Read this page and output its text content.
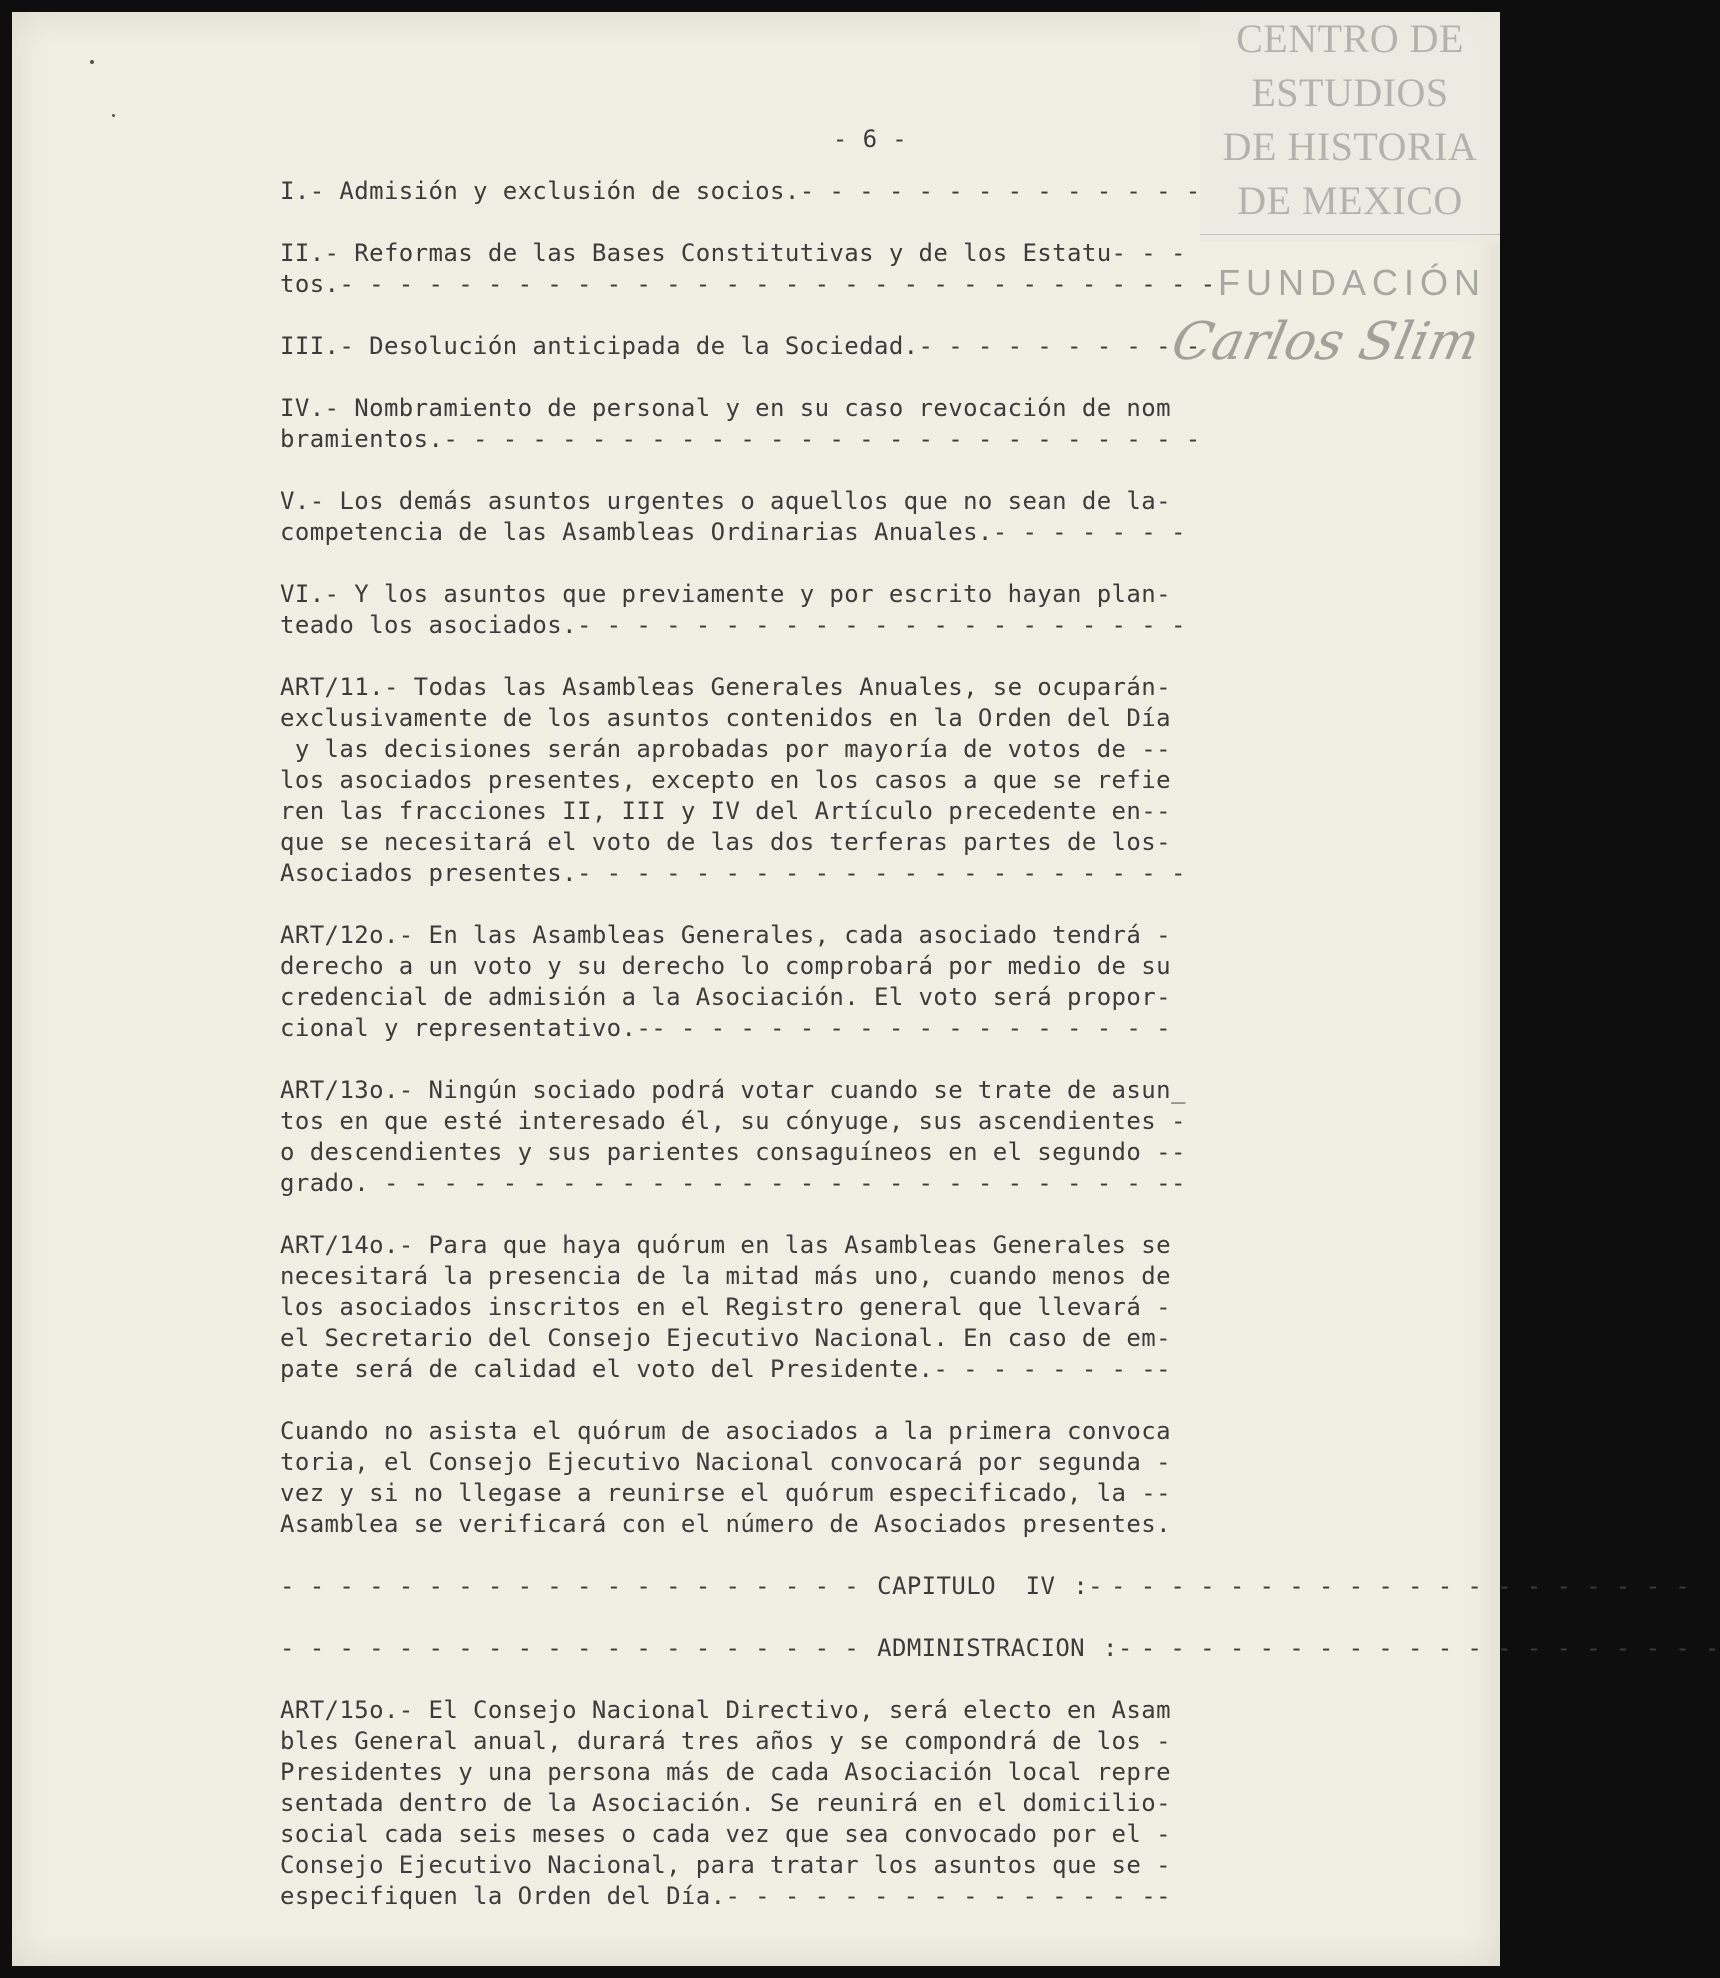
CENTRO DE
ESTUDIOS
DE HISTORIA
DE MEXICO
FUNDACIÓN
Carlos Slim
- 6 -
I.- Admisión y exclusión de socios.- - - - - - - - - - - - - -
II.- Reformas de las Bases Constitutivas y de los Estatu- - -
tos.- - - - - - - - - - - - - - - - - - - - - - - - - - - - - -
III.- Desolución anticipada de la Sociedad.- - - - - - - - - -
IV.- Nombramiento de personal y en su caso revocación de nom
bramientos.- - - - - - - - - - - - - - - - - - - - - - - - - -
V.- Los demás asuntos urgentes o aquellos que no sean de la-
competencia de las Asambleas Ordinarias Anuales.- - - - - - -
VI.- Y los asuntos que previamente y por escrito hayan plan-
teado los asociados.- - - - - - - - - - - - - - - - - - - - -
ART/11.- Todas las Asambleas Generales Anuales, se ocuparán-
exclusivamente de los asuntos contenidos en la Orden del Día
y las decisiones serán aprobadas por mayoría de votos de --
los asociados presentes, excepto en los casos a que se refie
ren las fracciones II, III y IV del Artículo precedente en--
que se necesitará el voto de las dos terferas partes de los-
Asociados presentes.- - - - - - - - - - - - - - - - - - - - -
ART/12o.- En las Asambleas Generales, cada asociado tendrá -
derecho a un voto y su derecho lo comprobará por medio de su
credencial de admisión a la Asociación. El voto será propor-
cional y representativo.-- - - - - - - - - - - - - - - - - -
ART/13o.- Ningún sociado podrá votar cuando se trate de asun_
tos en que esté interesado él, su cónyuge, sus ascendientes -
o descendientes y sus parientes consaguíneos en el segundo --
grado. - - - - - - - - - - - - - - - - - - - - - - - - - - --
ART/14o.- Para que haya quórum en las Asambleas Generales se
necesitará la presencia de la mitad más uno, cuando menos de
los asociados inscritos en el Registro general que llevará -
el Secretario del Consejo Ejecutivo Nacional. En caso de em-
pate será de calidad el voto del Presidente.- - - - - - - --
Cuando no asista el quórum de asociados a la primera convoca
toria, el Consejo Ejecutivo Nacional convocará por segunda -
vez y si no llegase a reunirse el quórum especificado, la --
Asamblea se verificará con el número de Asociados presentes.
- - - - - - - - - - - - - - - - - - - - CAPITULO  IV :- - - - - - - - - - - - - - - - - - - - -
- - - - - - - - - - - - - - - - - - - - ADMINISTRACION :- - - - - - - - - - - - - - - - - - - - -
ART/15o.- El Consejo Nacional Directivo, será electo en Asam
bles General anual, durará tres años y se compondrá de los -
Presidentes y una persona más de cada Asociación local repre
sentada dentro de la Asociación. Se reunirá en el domicilio-
social cada seis meses o cada vez que sea convocado por el -
Consejo Ejecutivo Nacional, para tratar los asuntos que se -
especifiquen la Orden del Día.- - - - - - - - - - - - - - --
